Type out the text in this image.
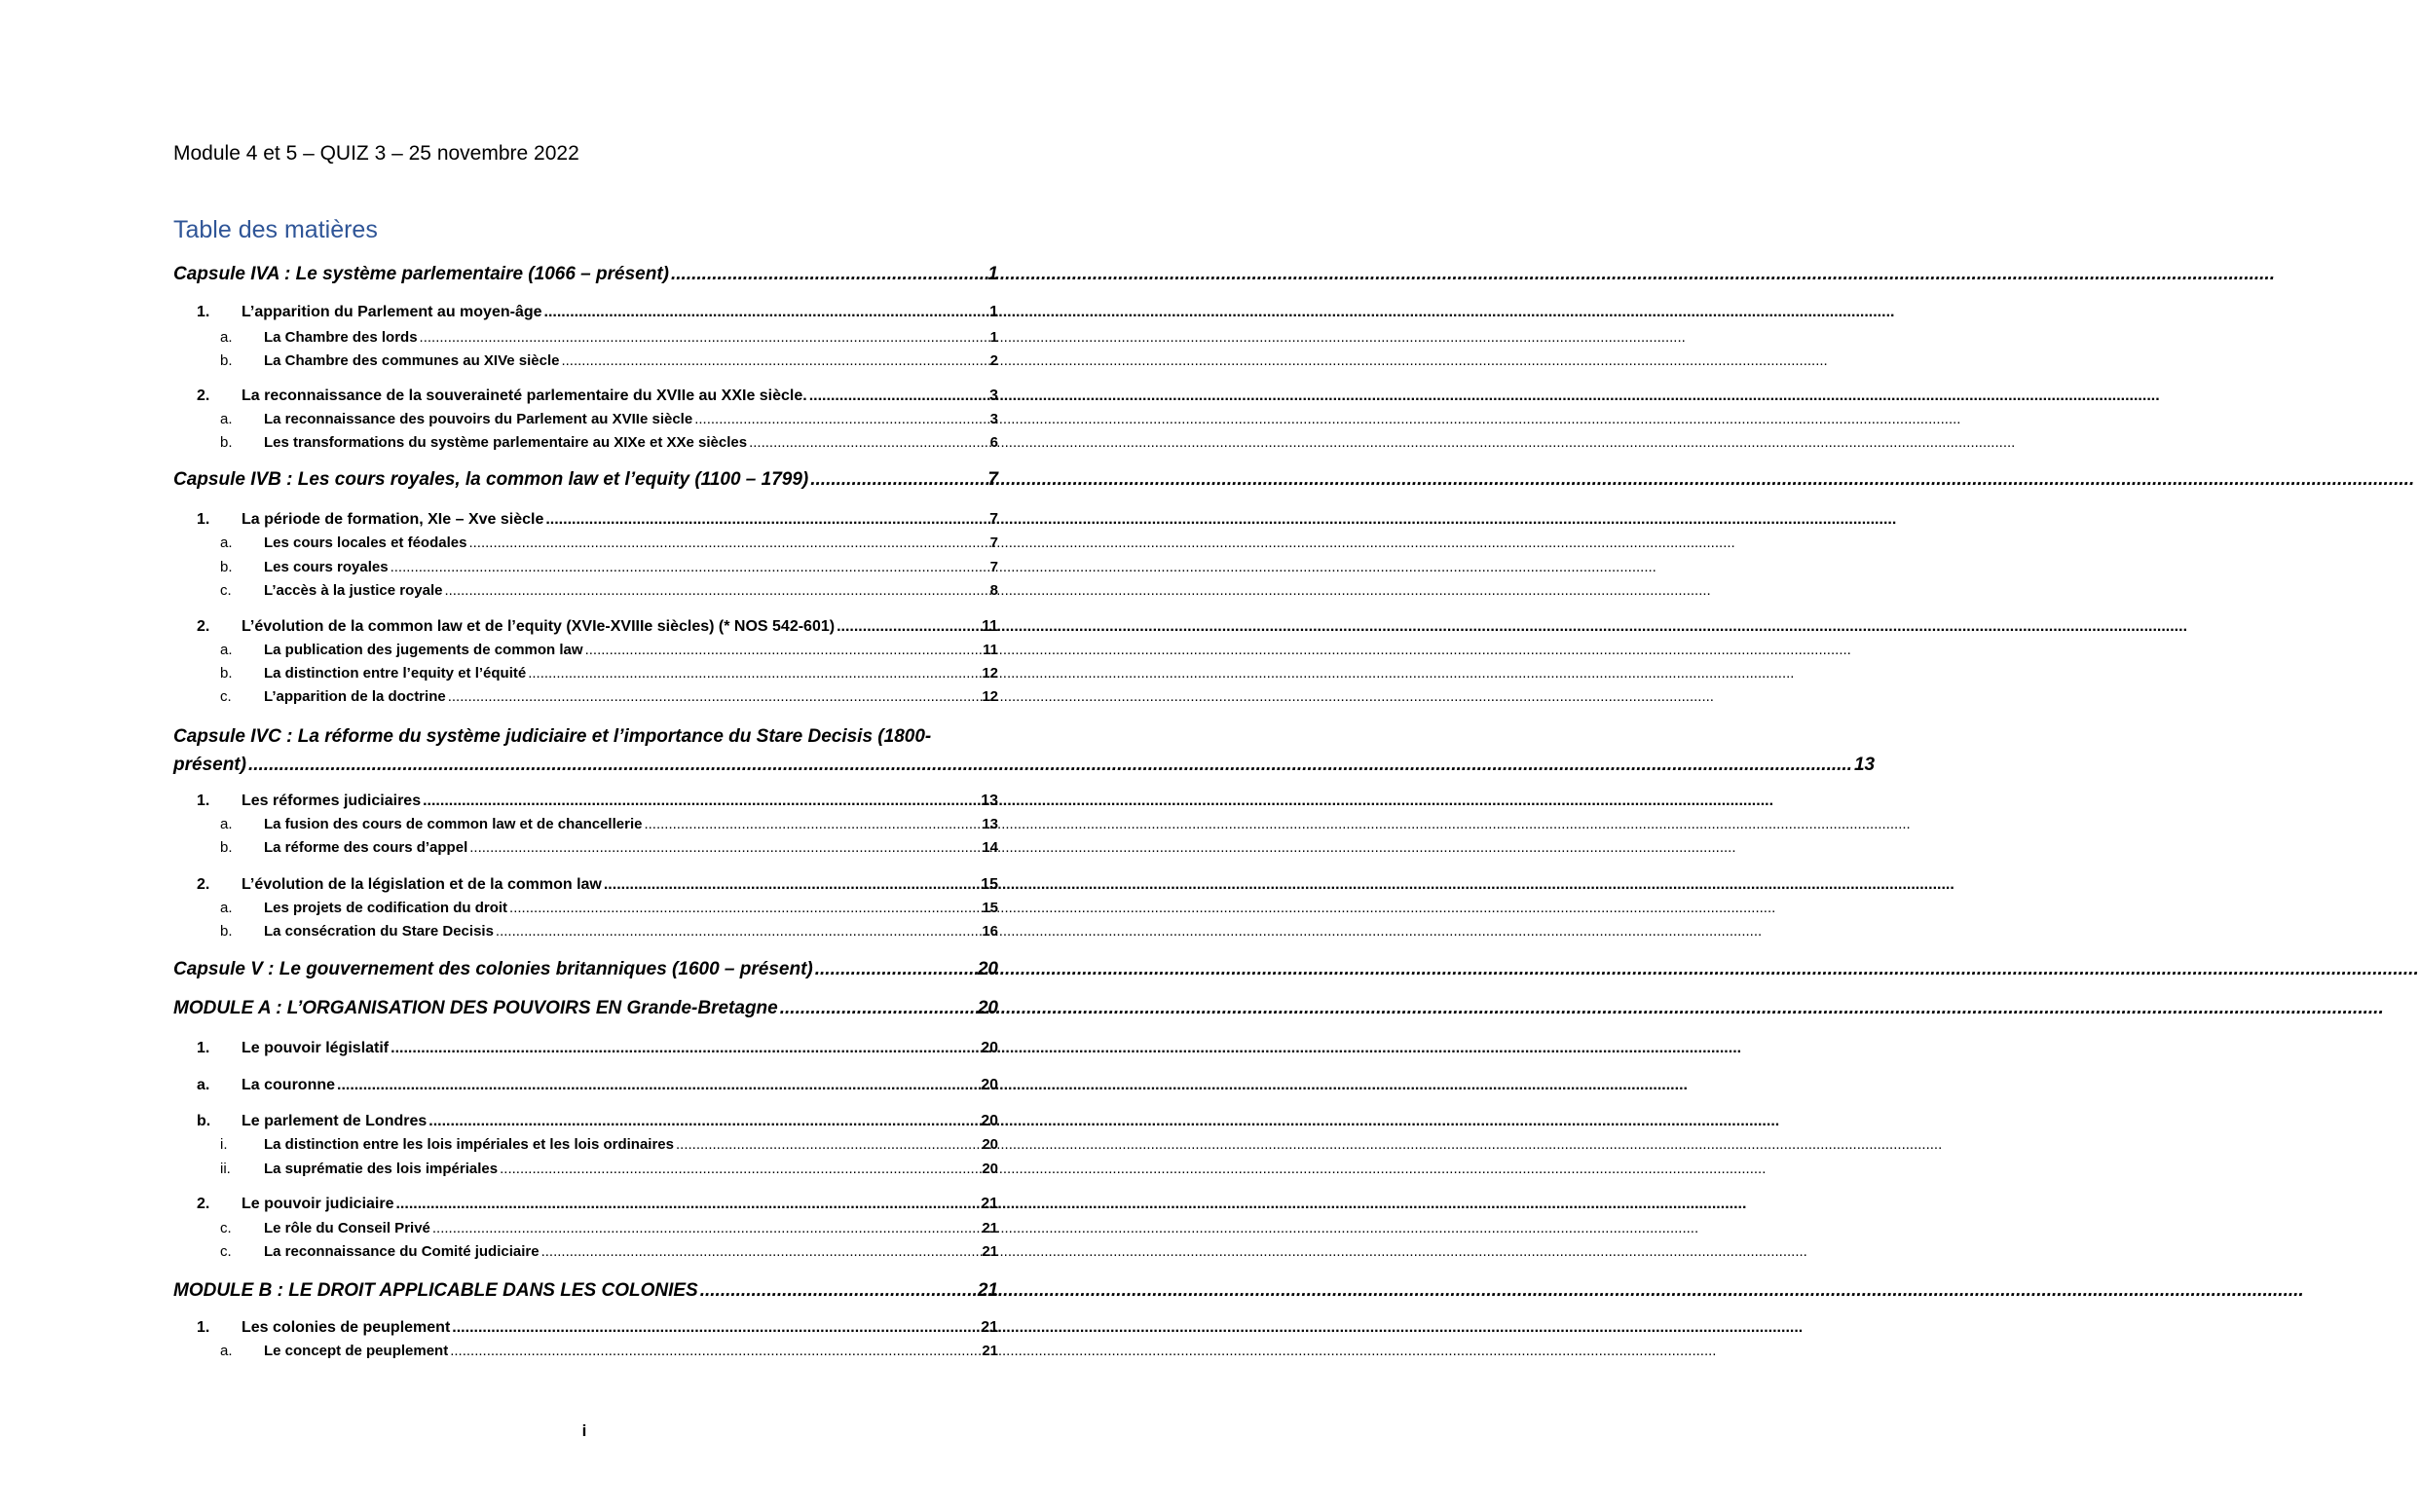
Module 4 et 5 – QUIZ 3 – 25 novembre 2022
Table des matières
Capsule IVA : Le système parlementaire (1066 – présent) .....	1
1.	L’apparition du Parlement au moyen-âge .....	1
a.	La Chambre des lords .....	1
b.	La Chambre des communes au XIVe siècle .....	2
2.	La reconnaissance de la souveraineté parlementaire du XVIIe au XXIe siècle. .....	3
a.	La reconnaissance des pouvoirs du Parlement au XVIIe siècle .....	3
b.	Les transformations du système parlementaire au XIXe et XXe siècles .....	6
Capsule IVB : Les cours royales, la common law et l’equity (1100 – 1799) .....	7
1.	La période de formation, XIe – Xve siècle .....	7
a.	Les cours locales et féodales .....	7
b.	Les cours royales .....	7
c.	L’accès à la justice royale .....	8
2.	L’évolution de la common law et de l’equity (XVIe-XVIIIe siècles) (* NOS 542-601) .....	11
a.	La publication des jugements de common law .....	11
b.	La distinction entre l’equity et l’équité .....	12
c.	L’apparition de la doctrine .....	12
Capsule IVC : La réforme du système judiciaire et l’importance du Stare Decisis (1800-
présent) .....	13
1.	Les réformes judiciaires .....	13
a.	La fusion des cours de common law et de chancellerie .....	13
b.	La réforme des cours d’appel .....	14
2.	L’évolution de la législation et de la common law .....	15
a.	Les projets de codification du droit .....	15
b.	La consécration du Stare Decisis .....	16
Capsule V : Le gouvernement des colonies britanniques (1600 – présent) .....	20
MODULE A : L’ORGANISATION DES POUVOIRS EN Grande-Bretagne .....	20
1.	Le pouvoir législatif .....	20
a.	La couronne .....	20
b.	Le parlement de Londres .....	20
i.	La distinction entre les lois impériales et les lois ordinaires .....	20
ii.	La suprématie des lois impériales .....	20
2.	Le pouvoir judiciaire .....	21
c.	Le rôle du Conseil Privé .....	21
c.	La reconnaissance du Comité judiciaire .....	21
MODULE B : LE DROIT APPLICABLE DANS LES COLONIES .....	21
1.	Les colonies de peuplement .....	21
a.	Le concept de peuplement .....	21
i
